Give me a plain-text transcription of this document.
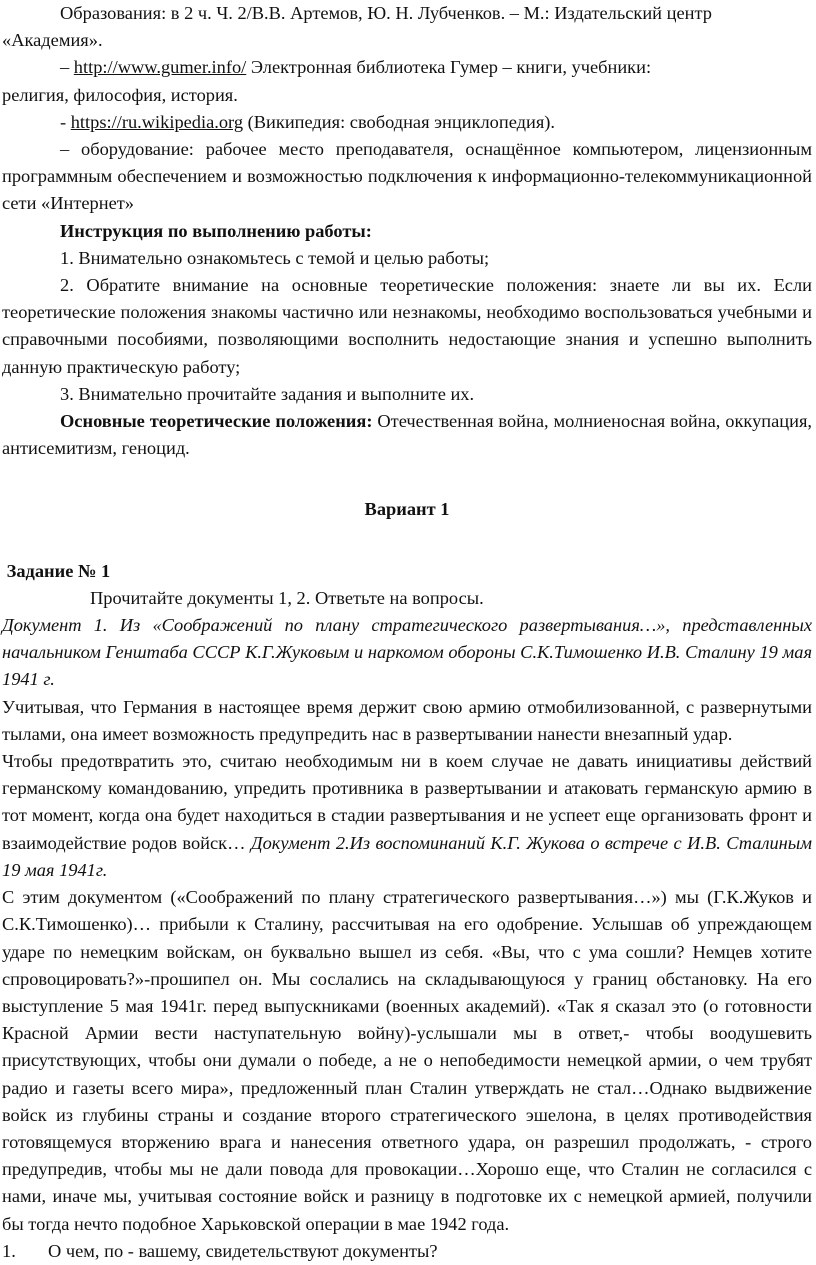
Образования: в 2 ч. Ч. 2/В.В. Артемов, Ю. Н. Лубченков. – М.: Издательский центр
«Академия».

– http://www.gumer.info/ Электронная библиотека Гумер – книги, учебники:
религия, философия, история.

- https://ru.wikipedia.org (Википедия: свободная энциклопедия).

– оборудование: рабочее место преподавателя, оснащённое компьютером, лицензионным программным обеспечением и возможностью подключения к информационно-телекоммуникационной сети «Интернет»

Инструкция по выполнению работы:

1. Внимательно ознакомьтесь с темой и целью работы;

2. Обратите внимание на основные теоретические положения: знаете ли вы их. Если теоретические положения знакомы частично или незнакомы, необходимо воспользоваться учебными и справочными пособиями, позволяющими восполнить недостающие знания и успешно выполнить данную практическую работу;

3. Внимательно прочитайте задания и выполните их.

Основные теоретические положения: Отечественная война, молниеносная война, оккупация, антисемитизм, геноцид.

Вариант 1

Задание № 1

Прочитайте документы 1, 2. Ответьте на вопросы.

Документ 1. Из «Соображений по плану стратегического развертывания…», представленных начальником Генштаба СССР К.Г.Жуковым и наркомом обороны С.К.Тимошенко И.В. Сталину 19 мая 1941 г.

Учитывая, что Германия в настоящее время держит свою армию отмобилизованной, с развернутыми тылами, она имеет возможность предупредить нас в развертывании нанести внезапный удар.

Чтобы предотвратить это, считаю необходимым ни в коем случае не давать инициативы действий германскому командованию, упредить противника в развертывании и атаковать германскую армию в тот момент, когда она будет находиться в стадии развертывания и не успеет еще организовать фронт и взаимодействие родов войск… Документ 2.Из воспоминаний К.Г. Жукова о встрече с И.В. Сталиным 19 мая 1941г.

С этим документом («Соображений по плану стратегического развертывания…») мы (Г.К.Жуков и С.К.Тимошенко)… прибыли к Сталину, рассчитывая на его одобрение. Услышав об упреждающем ударе по немецким войскам, он буквально вышел из себя. «Вы, что с ума сошли? Немцев хотите спровоцировать?»-прошипел он. Мы сослались на складывающуюся у границ обстановку. На его выступление 5 мая 1941г. перед выпускниками (военных академий). «Так я сказал это (о готовности Красной Армии вести наступательную войну)-услышали мы в ответ,- чтобы воодушевить присутствующих, чтобы они думали о победе, а не о непобедимости немецкой армии, о чем трубят радио и газеты всего мира», предложенный план Сталин утверждать не стал…Однако выдвижение войск из глубины страны и создание второго стратегического эшелона, в целях противодействия готовящемуся вторжению врага и нанесения ответного удара, он разрешил продолжать, - строго предупредив, чтобы мы не дали повода для провокации…Хорошо еще, что Сталин не согласился с нами, иначе мы, учитывая состояние войск и разницу в подготовке их с немецкой армией, получили бы тогда нечто подобное Харьковской операции в мае 1942 года.

1.       О чем, по - вашему, свидетельствуют документы?
